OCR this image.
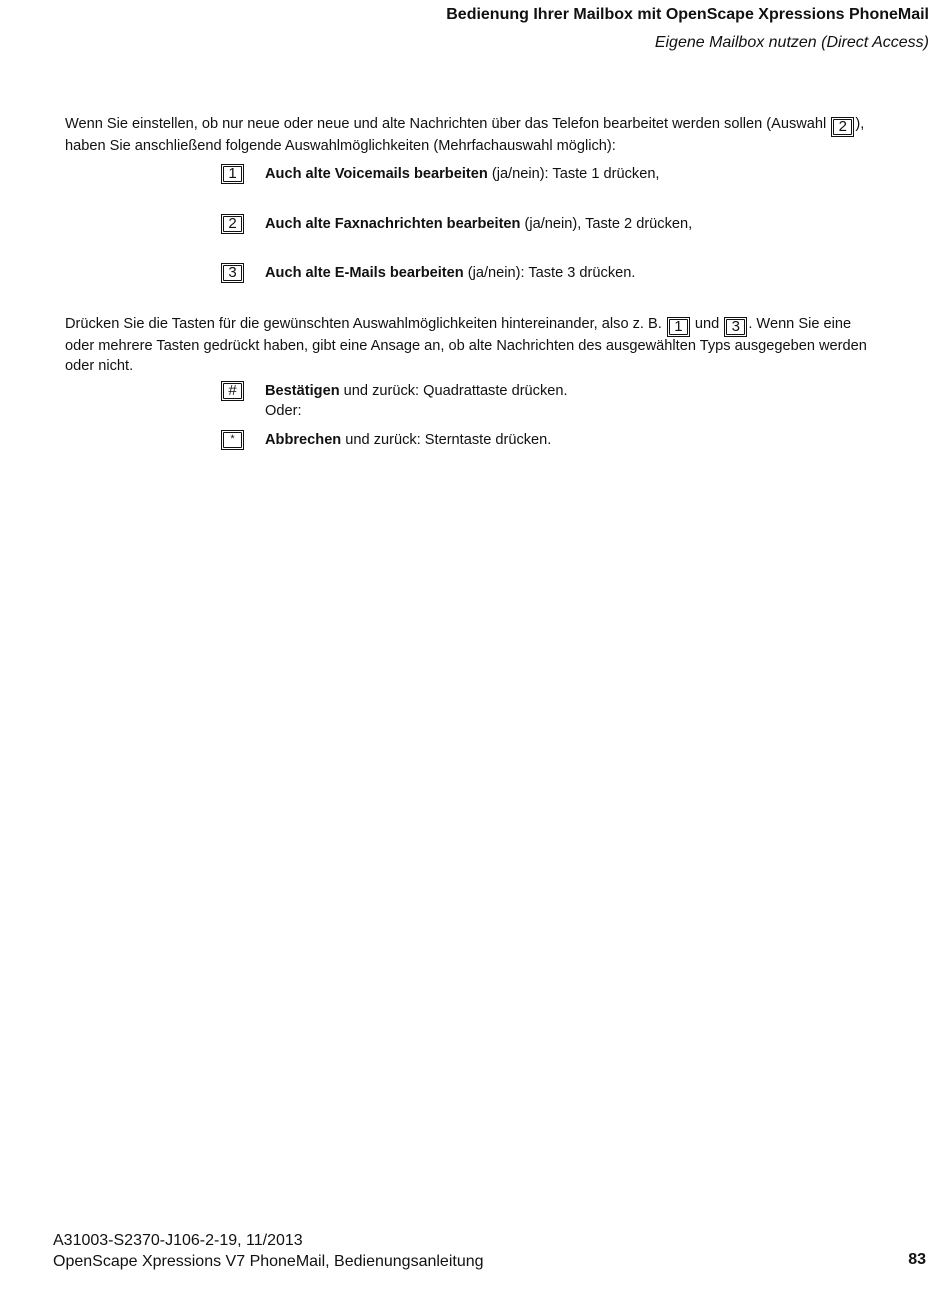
Bedienung Ihrer Mailbox mit OpenScape Xpressions PhoneMail
Eigene Mailbox nutzen (Direct Access)
Wenn Sie einstellen, ob nur neue oder neue und alte Nachrichten über das Telefon bearbeitet werden sollen (Auswahl 2 ),
haben Sie anschließend folgende Auswahlmöglichkeiten (Mehrfachauswahl möglich):
1	Auch alte Voicemails bearbeiten (ja/nein): Taste 1 drücken,
2	Auch alte Faxnachrichten bearbeiten (ja/nein), Taste 2 drücken,
3	Auch alte E-Mails bearbeiten (ja/nein): Taste 3 drücken.
Drücken Sie die Tasten für die gewünschten Auswahlmöglichkeiten hintereinander, also z. B. 1 und 3 . Wenn Sie eine
oder mehrere Tasten gedrückt haben, gibt eine Ansage an, ob alte Nachrichten des ausgewählten Typs ausgegeben werden
oder nicht.
#	Bestätigen und zurück: Quadrattaste drücken.
Oder:
*	Abbrechen und zurück: Sterntaste drücken.
A31003-S2370-J106-2-19, 11/2013
OpenScape Xpressions V7 PhoneMail, Bedienungsanleitung	83
